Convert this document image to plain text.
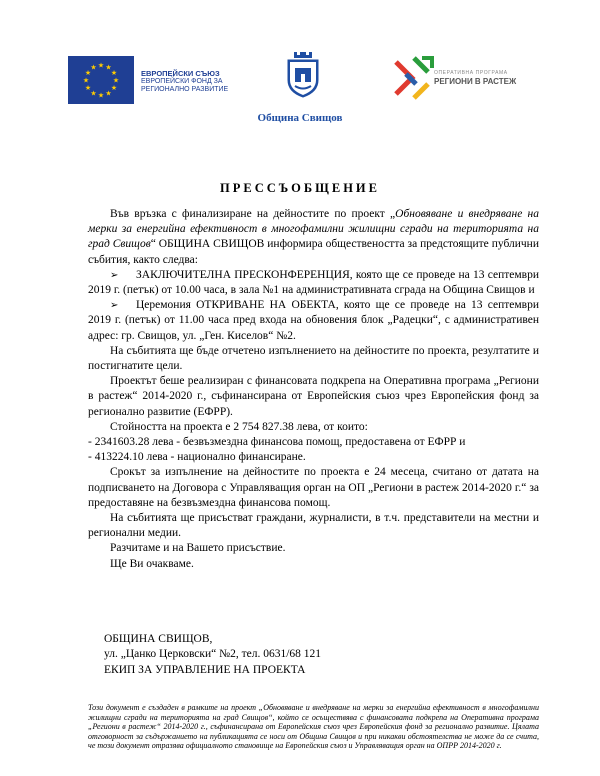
★
★
★
★
★
★
★
★
★ ★ ★
★	ЕВРОПЕЙСКИ СЪЮЗ
ЕВРОПЕЙСКИ ФОНД ЗА
РЕГИОНАЛНО РАЗВИТИЕ
Община Свищов
ОПЕРАТИВНА ПРОГРАМА
РЕГИОНИ В РАСТЕЖ
ПРЕССЪОБЩЕНИЕ

Във връзка с финализиране на дейностите по проект „Обновяване и внедряване на мерки за енергийна ефективност в многофамилни жилищни сгради на територията на град Свищов“ ОБЩИНА СВИЩОВ информира обществеността за предстоящите публични събития, както следва:

➢	ЗАКЛЮЧИТЕЛНА ПРЕСКОНФЕРЕНЦИЯ, която ще се проведе на 13 септември 2019 г. (петък) от 10.00 часа, в зала №1 на административната сграда на Община Свищов и

➢	Церемония ОТКРИВАНЕ НА ОБЕКТА, която ще се проведе на 13 септември 2019 г. (петък) от 11.00 часа пред входа на обновения блок „Радецки“, с административен адрес: гр. Свищов, ул. „Ген. Киселов“ №2.

На събитията ще бъде отчетено изпълнението на дейностите по проекта, резултатите и постигнатите цели.

Проектът беше реализиран с финансовата подкрепа на Оперативна програма „Региони в растеж“ 2014-2020 г., съфинансирана от Европейския съюз чрез Европейския фонд за регионално развитие (ЕФРР).

Стойността на проекта е 2 754 827.38 лева, от които:

- 2341603.28 лева - безвъзмездна финансова помощ, предоставена от ЕФРР и

- 413224.10 лева - национално финансиране.

Срокът за изпълнение на дейностите по проекта е 24 месеца, считано от датата на подписването на Договора с Управляващия орган на ОП „Региони в растеж 2014-2020 г.“ за предоставяне на безвъзмездна финансова помощ.

На събитията ще присъстват граждани, журналисти, в т.ч. представители на местни и регионални медии.

Разчитаме и на Вашето присъствие.

Ще Ви очакваме.

ОБЩИНА СВИЩОВ,

ул. „Цанко Церковски“ №2, тел. 0631/68 121

ЕКИП ЗА УПРАВЛЕНИЕ НА ПРОЕКТА

Този документ е създаден в рамките на проект „Обновяване и внедряване на мерки за енергийна ефективност в многофамилни жилищни сгради на територията на град Свищов“, който се осъществява с финансовата подкрепа на Оперативна програма „Региони в растеж“ 2014-2020 г., съфинансирана от Европейския съюз чрез Европейския фонд за регионално развитие. Цялата отговорност за съдържанието на публикацията се носи от Община Свищов и при никакви обстоятелства не може да се счита, че този документ отразява официалното становище на Европейския съюз и Управляващия орган на ОПРР 2014-2020 г.
